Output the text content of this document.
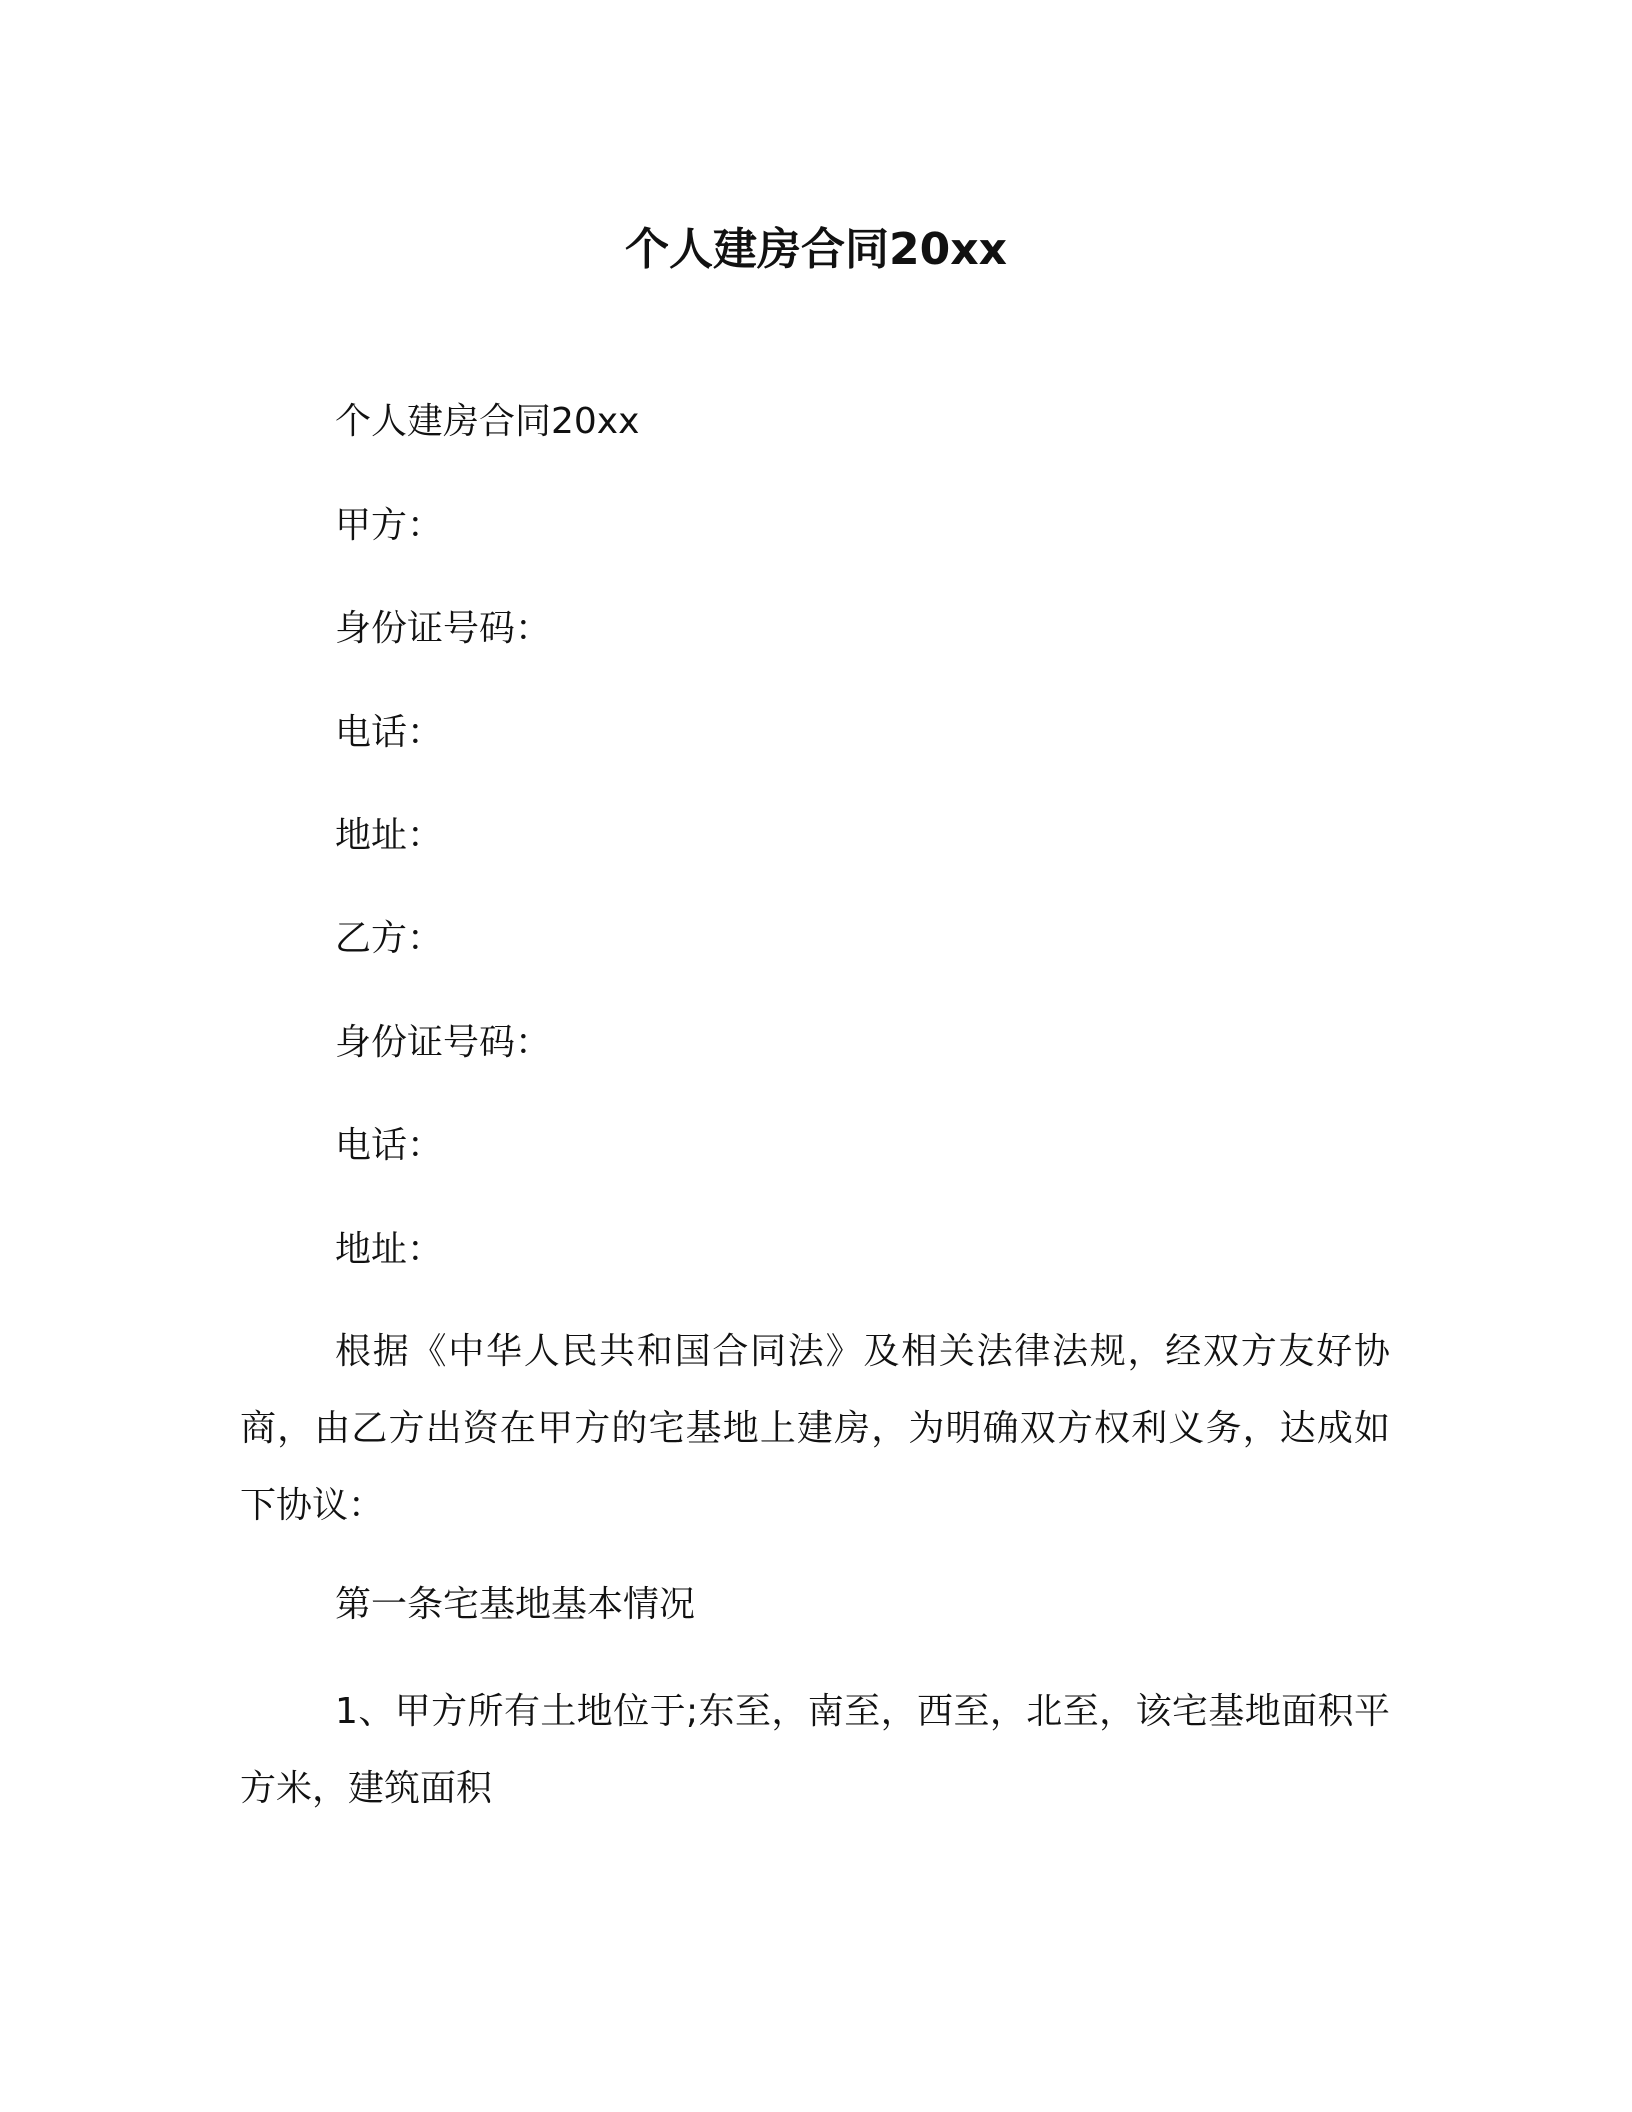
个人建房合同20xx
个人建房合同20xx
甲方：
身份证号码：
电话：
地址：
乙方：
身份证号码：
电话：
地址：
根据《中华人民共和国合同法》及相关法律法规，经双方友好协商，由乙方出资在甲方的宅基地上建房，为明确双方权利义务，达成如下协议：
第一条宅基地基本情况
1、甲方所有土地位于;东至，南至，西至，北至，该宅基地面积平方米，建筑面积
